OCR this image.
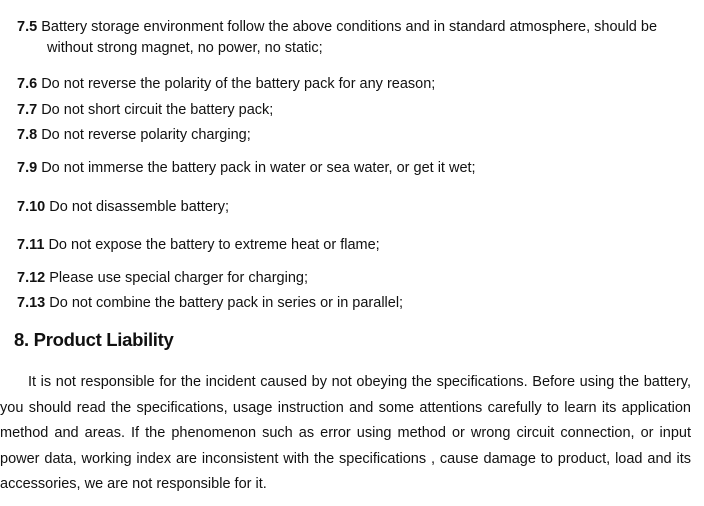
7.5 Battery storage environment follow the above conditions and in standard atmosphere, should be
without strong magnet, no power, no static;
7.6 Do not reverse the polarity of the battery pack for any reason;
7.7 Do not short circuit the battery pack;
7.8 Do not reverse polarity charging;
7.9 Do not immerse the battery pack in water or sea water, or get it wet;
7.10 Do not disassemble battery;
7.11 Do not expose the battery to extreme heat or flame;
7.12 Please use special charger for charging;
7.13 Do not combine the battery pack in series or in parallel;
8. Product Liability
It is not responsible for the incident caused by not obeying the specifications. Before using the battery, you should read the specifications, usage instruction and some attentions carefully to learn its application method and areas. If the phenomenon such as error using method or wrong circuit connection, or input power data, working index are inconsistent with the specifications , cause damage to product, load and its accessories, we are not responsible for it.
